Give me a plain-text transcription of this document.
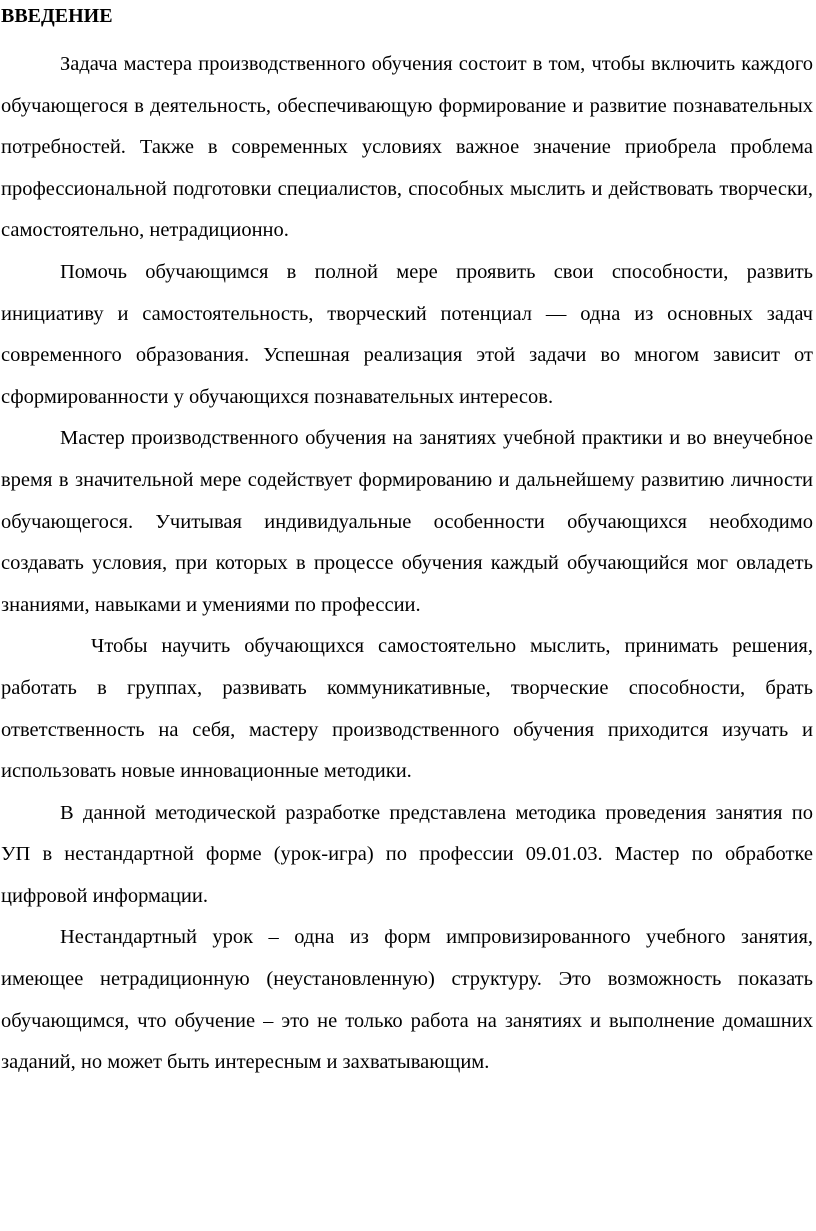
ВВЕДЕНИЕ

Задача мастера производственного обучения состоит в том, чтобы включить каждого обучающегося в деятельность, обеспечивающую формирование и развитие познавательных потребностей. Также в современных условиях важное значение приобрела проблема профессиональной подготовки специалистов, способных мыслить и действовать творчески, самостоятельно, нетрадиционно.

Помочь обучающимся в полной мере проявить свои способности, развить инициативу и самостоятельность, творческий потенциал — одна из основных задач современного образования. Успешная реализация этой задачи во многом зависит от сформированности у обучающихся познавательных интересов.

Мастер производственного обучения на занятиях учебной практики и во внеучебное время в значительной мере содействует формированию и дальнейшему развитию личности обучающегося. Учитывая индивидуальные особенности обучающихся необходимо создавать условия, при которых в процессе обучения каждый обучающийся мог овладеть знаниями, навыками и умениями по профессии.

Чтобы научить обучающихся самостоятельно мыслить, принимать решения, работать в группах, развивать коммуникативные, творческие способности, брать ответственность на себя, мастеру производственного обучения приходится изучать и использовать новые инновационные методики.

В данной методической разработке представлена методика проведения занятия по УП в нестандартной форме (урок-игра) по профессии 09.01.03. Мастер по обработке цифровой информации.

Нестандартный урок – одна из форм импровизированного учебного занятия, имеющее нетрадиционную (неустановленную) структуру. Это возможность показать обучающимся, что обучение – это не только работа на занятиях и выполнение домашних заданий, но может быть интересным и захватывающим.
